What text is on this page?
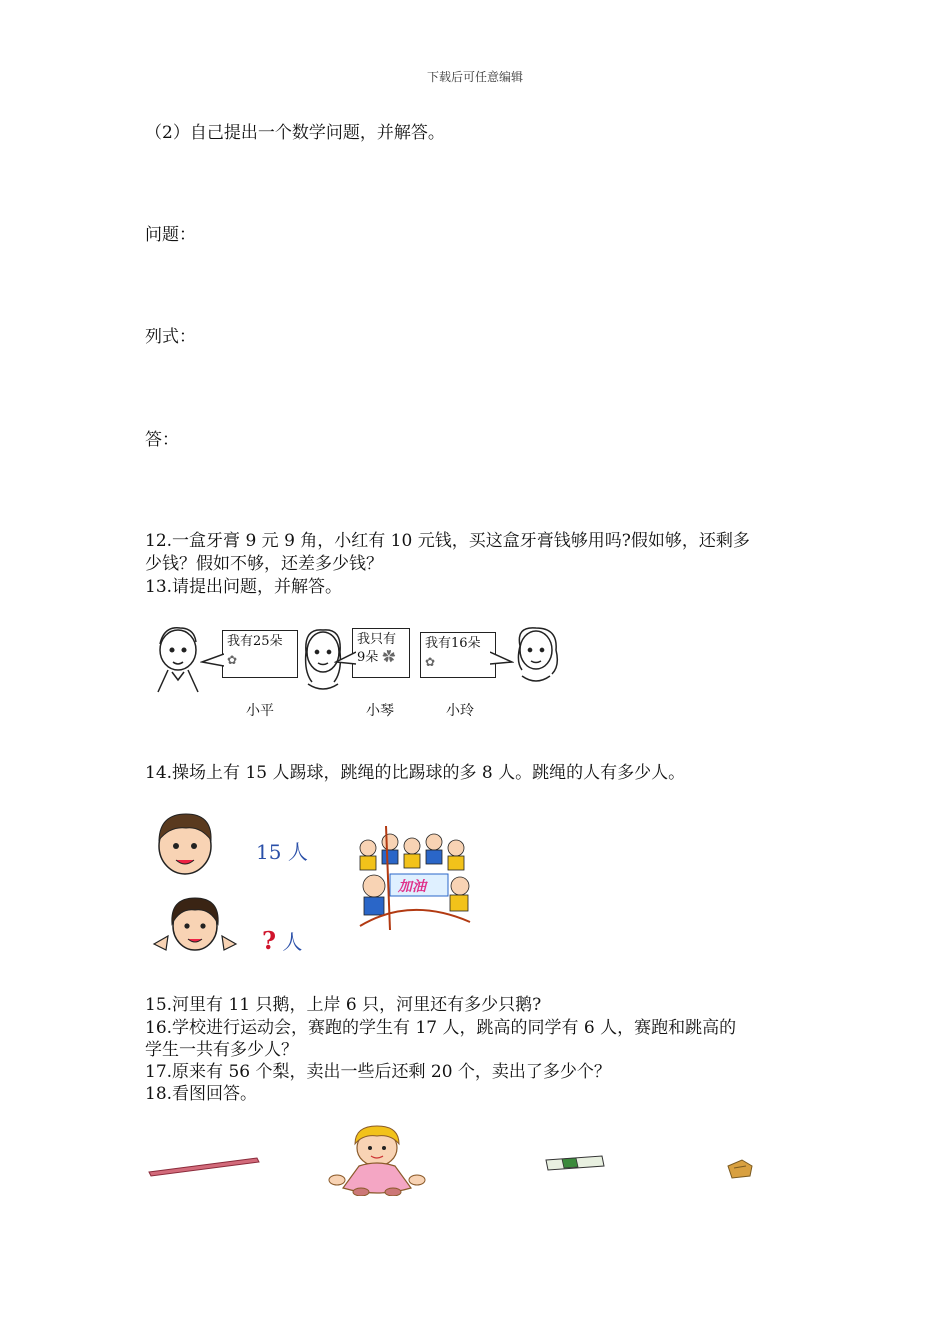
下载后可任意编辑
（2）自己提出一个数学问题，并解答。
问题：
列式：
答：
12.一盒牙膏 9 元 9 角，小红有 10 元钱，买这盒牙膏钱够用吗?假如够，还剩多
少钱？假如不够，还差多少钱？
13.请提出问题，并解答。
我有25朵
✿
我只有
9朵 ✿
我有16朵
✿
小平	小琴	小玲
14.操场上有 15 人踢球，跳绳的比踢球的多 8 人。跳绳的人有多少人。
15 人
? 人
加油
15.河里有 11 只鹅，上岸 6 只，河里还有多少只鹅?
16.学校进行运动会，赛跑的学生有 17 人，跳高的同学有 6 人，赛跑和跳高的
学生一共有多少人？
17.原来有 56 个梨，卖出一些后还剩 20 个，卖出了多少个？
18.看图回答。
